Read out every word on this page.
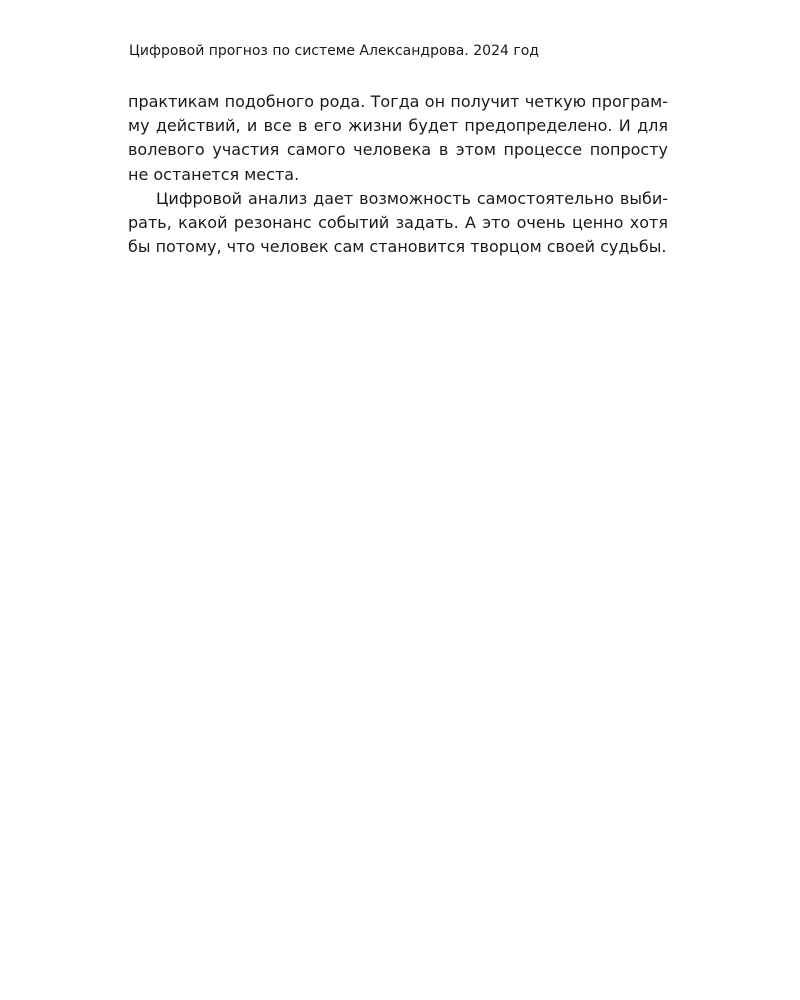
Цифровой прогноз по системе Александрова. 2024 год
практикам подобного рода. Тогда он получит четкую програм-
му действий, и все в его жизни будет предопределено. И для
волевого участия самого человека в этом процессе попросту
не останется места.
Цифровой анализ дает возможность самостоятельно выби-
рать, какой резонанс событий задать. А это очень ценно хотя
бы потому, что человек сам становится творцом своей судьбы.
